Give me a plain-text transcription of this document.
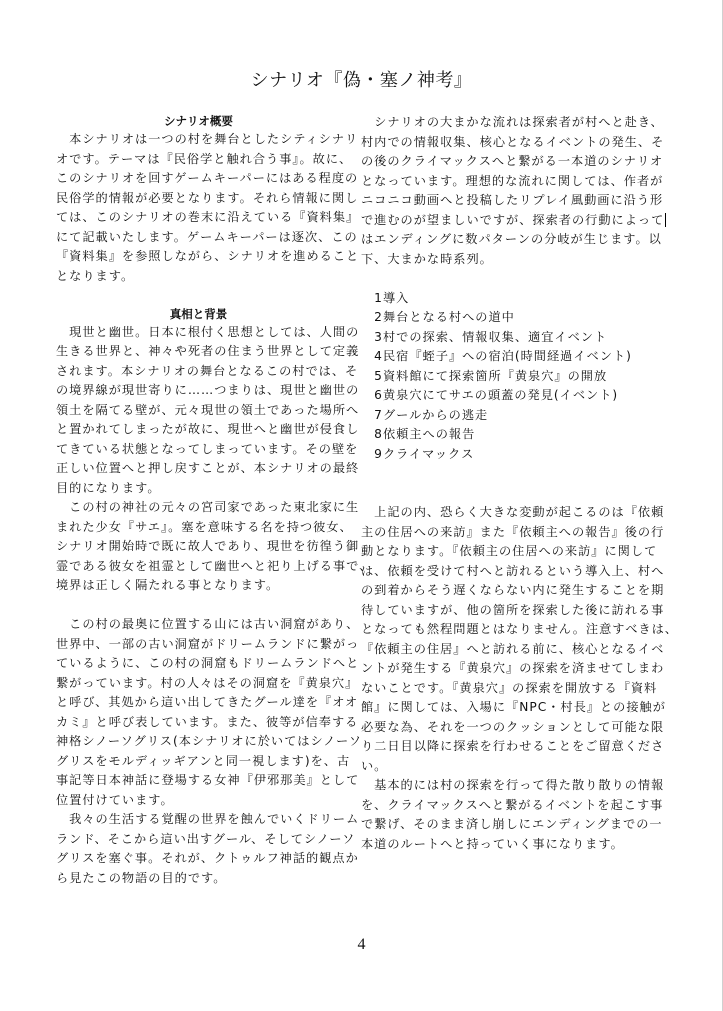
シナリオ『偽・塞ノ神考』
シナリオ概要
　本シナリオは一つの村を舞台としたシティシナリ
オです。テーマは『民俗学と触れ合う事』。故に、
このシナリオを回すゲームキーパーにはある程度の
民俗学的情報が必要となります。それら情報に関し
ては、このシナリオの巻末に沿えている『資料集』
にて記載いたします。ゲームキーパーは逐次、この
『資料集』を参照しながら、シナリオを進めること
となります。
真相と背景
　現世と幽世。日本に根付く思想としては、人間の
生きる世界と、神々や死者の住まう世界として定義
されます。本シナリオの舞台となるこの村では、そ
の境界線が現世寄りに……つまりは、現世と幽世の
領土を隔てる壁が、元々現世の領土であった場所へ
と置かれてしまったが故に、現世へと幽世が侵食し
てきている状態となってしまっています。その壁を
正しい位置へと押し戻すことが、本シナリオの最終
目的になります。
　この村の神社の元々の宮司家であった東北家に生
まれた少女『サエ』。塞を意味する名を持つ彼女、
シナリオ開始時で既に故人であり、現世を彷徨う御
霊である彼女を祖霊として幽世へと祀り上げる事で、
境界は正しく隔たれる事となります。
　この村の最奥に位置する山には古い洞窟があり、
世界中、一部の古い洞窟がドリームランドに繋がっ
ているように、この村の洞窟もドリームランドへと
繋がっています。村の人々はその洞窟を『黄泉穴』
と呼び、其処から這い出してきたグール達を『オオ
カミ』と呼び表しています。また、彼等が信奉する
神格シノーソグリス(本シナリオに於いてはシノーソ
グリスをモルディッギアンと同一視します)を、古
事記等日本神話に登場する女神『伊邪那美』として
位置付けています。
　我々の生活する覚醒の世界を蝕んでいくドリーム
ランド、そこから這い出すグール、そしてシノーソ
グリスを塞ぐ事。それが、クトゥルフ神話的観点か
ら見たこの物語の目的です。
　シナリオの大まかな流れは探索者が村へと赴き、
村内での情報収集、核心となるイベントの発生、そ
の後のクライマックスへと繋がる一本道のシナリオ
となっています。理想的な流れに関しては、作者が
ニコニコ動画へと投稿したリプレイ風動画に沿う形
で進むのが望ましいですが、探索者の行動によって
はエンディングに数パターンの分岐が生じます。以
下、大まかな時系列。
　1導入
　2舞台となる村への道中
　3村での探索、情報収集、適宜イベント
　4民宿『蛭子』への宿泊(時間経過イベント)
　5資料館にて探索箇所『黄泉穴』の開放
　6黄泉穴にてサエの頭蓋の発見(イベント)
　7グールからの逃走
　8依頼主への報告
　9クライマックス
　上記の内、恐らく大きな変動が起こるのは『依頼
主の住居への来訪』また『依頼主への報告』後の行
動となります。『依頼主の住居への来訪』に関して
は、依頼を受けて村へと訪れるという導入上、村へ
の到着からそう遅くならない内に発生することを期
待していますが、他の箇所を探索した後に訪れる事
となっても然程問題とはなりません。注意すべきは、
『依頼主の住居』へと訪れる前に、核心となるイベ
ントが発生する『黄泉穴』の探索を済ませてしまわ
ないことです。『黄泉穴』の探索を開放する『資料
館』に関しては、入場に『NPC・村長』との接触が
必要な為、それを一つのクッションとして可能な限
り二日目以降に探索を行わせることをご留意くださ
い。
　基本的には村の探索を行って得た散り散りの情報
を、クライマックスへと繋がるイベントを起こす事
で繋げ、そのまま済し崩しにエンディングまでの一
本道のルートへと持っていく事になります。
4
